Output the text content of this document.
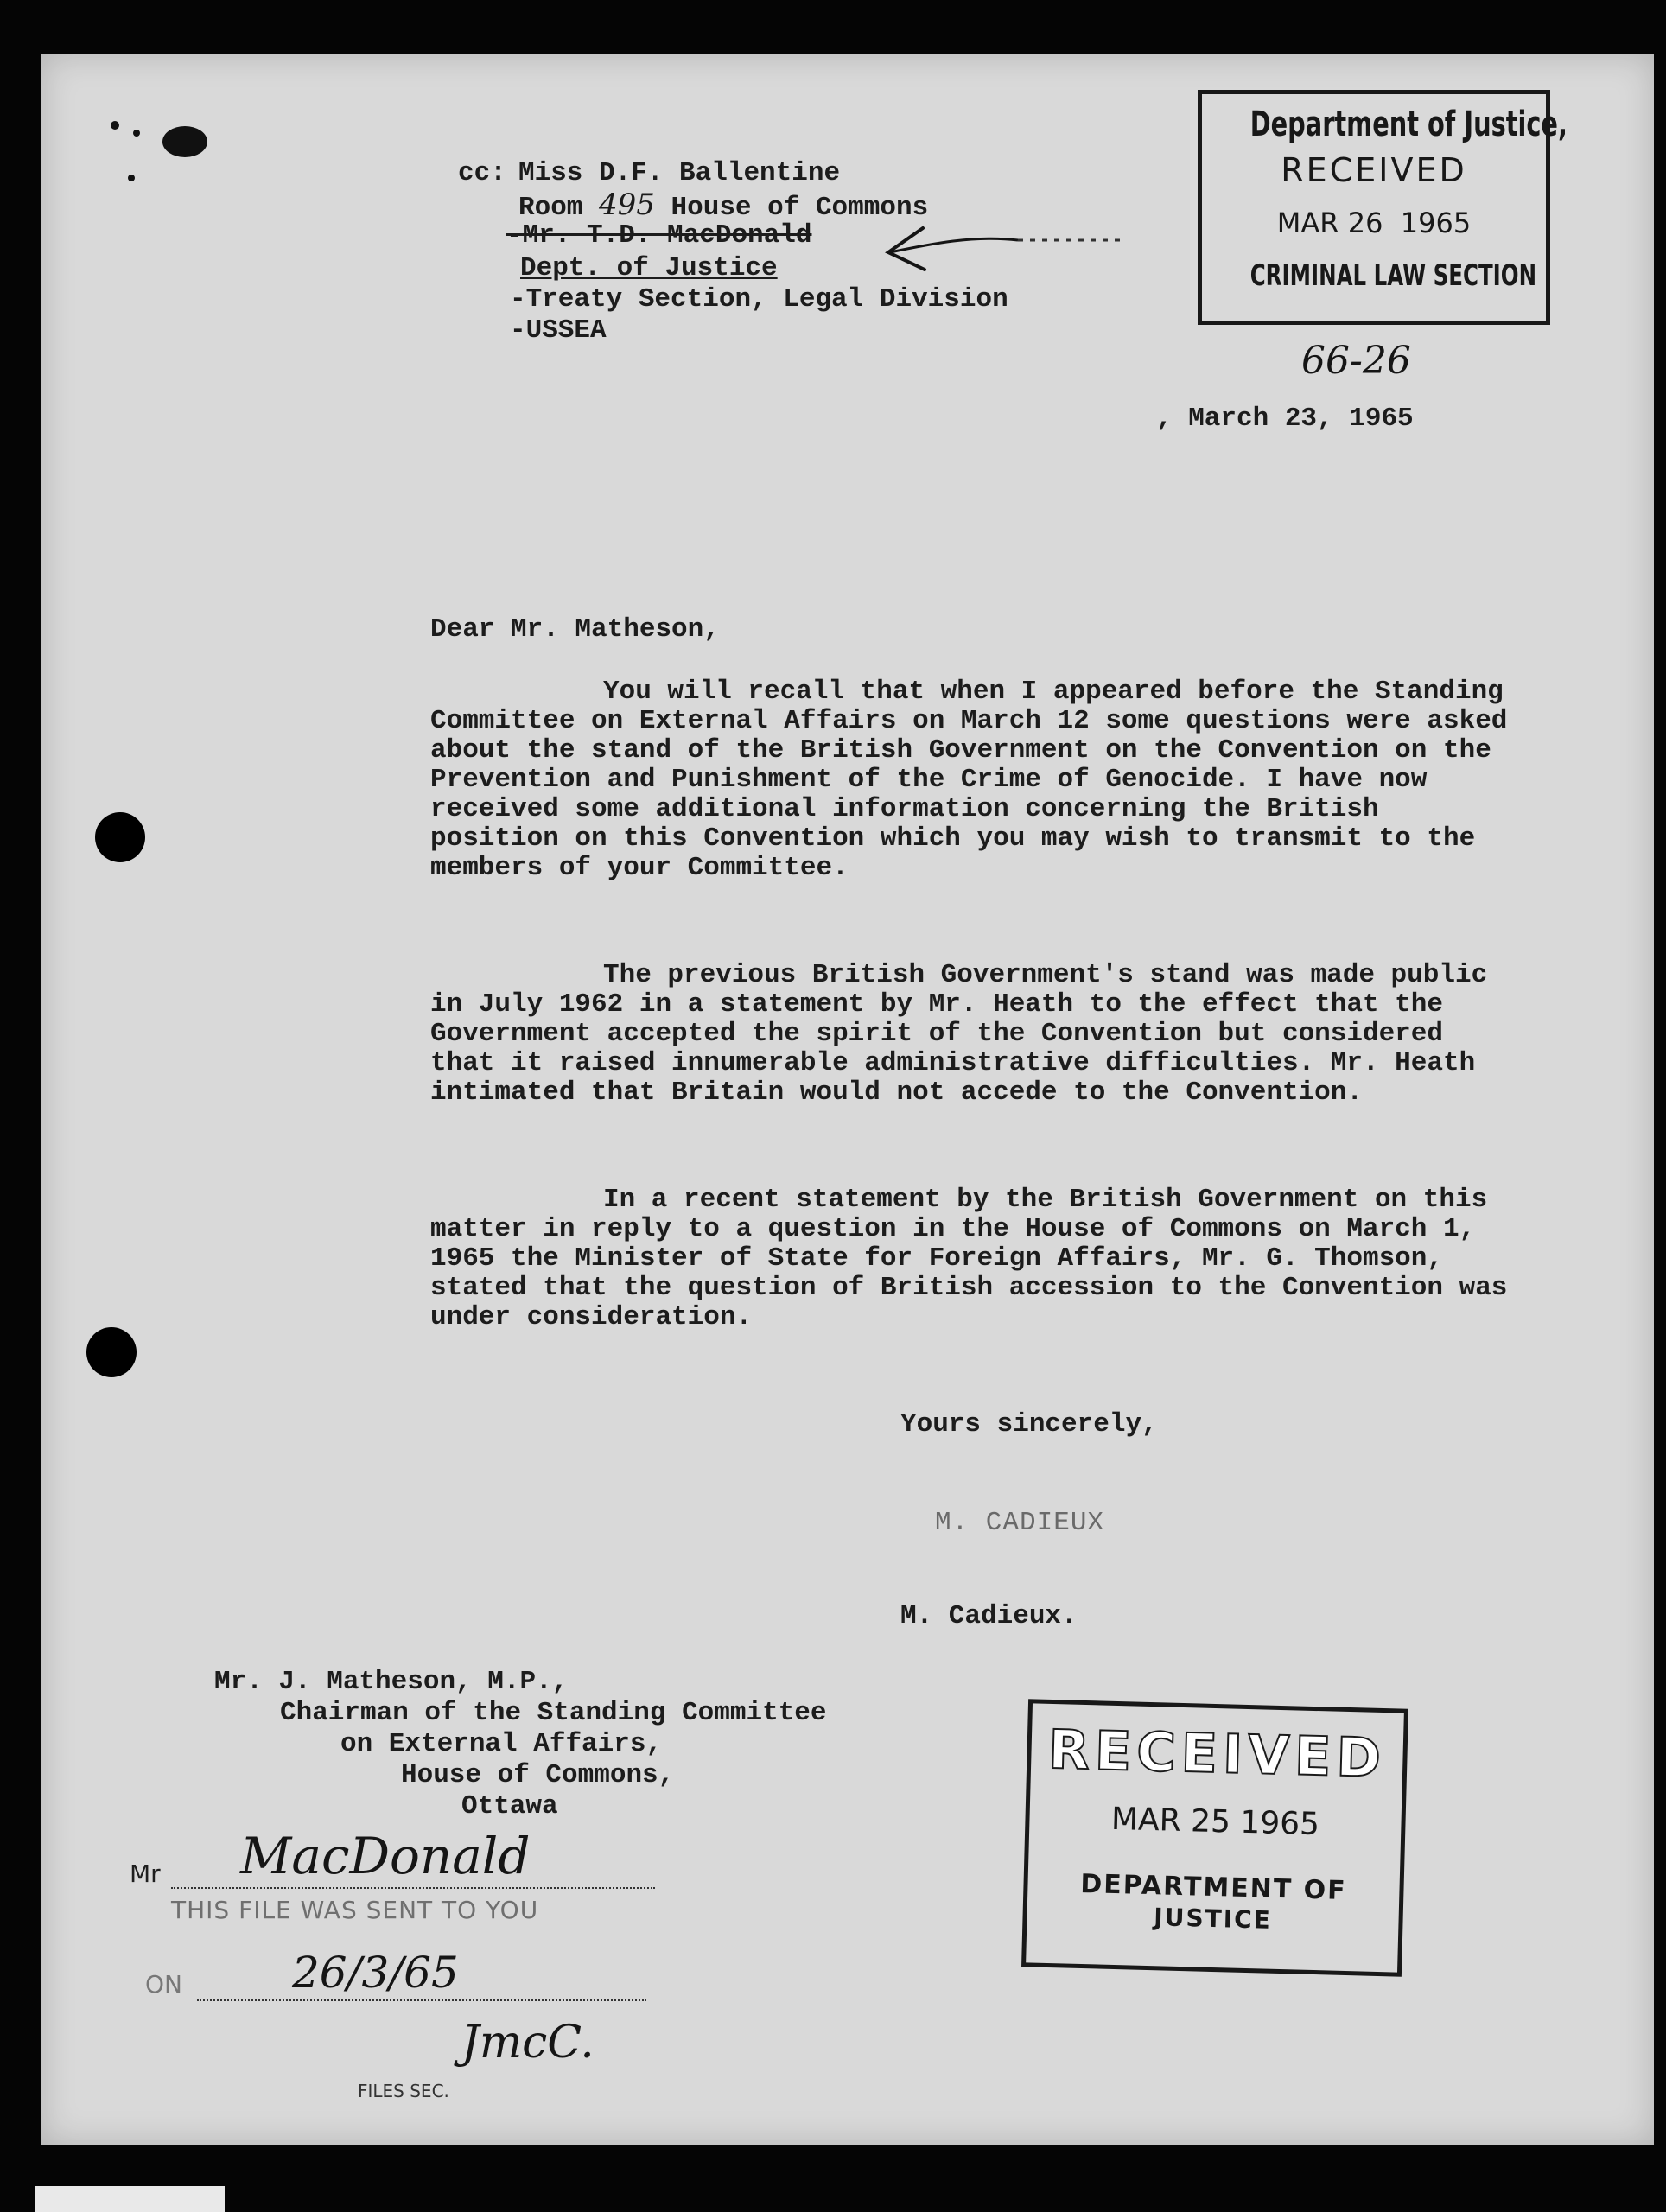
cc: Miss D.F. Ballentine
Room 495 House of Commons
-Mr. T.D. MacDonald
Dept. of Justice
-Treaty Section, Legal Division
-USSEA
Department of Justice,
RECEIVED
MAR 26  1965
CRIMINAL LAW SECTION
66-26
, March 23, 1965
Dear Mr. Matheson,
You will recall that when I appeared before the Standing Committee on External Affairs on March 12 some questions were asked about the stand of the British Government on the Convention on the Prevention and Punishment of the Crime of Genocide. I have now received some additional information concerning the British position on this Convention which you may wish to transmit to the members of your Committee.
The previous British Government's stand was made public in July 1962 in a statement by Mr. Heath to the effect that the Government accepted the spirit of the Convention but considered that it raised innumerable administrative difficulties. Mr. Heath intimated that Britain would not accede to the Convention.
In a recent statement by the British Government on this matter in reply to a question in the House of Commons on March 1, 1965 the Minister of State for Foreign Affairs, Mr. G. Thomson, stated that the question of British accession to the Convention was under consideration.
Yours sincerely,
M. CADIEUX
M. Cadieux.
Mr. J. Matheson, M.P.,
Chairman of the Standing Committee
on External Affairs,
House of Commons,
Ottawa
Mr MacDonald
THIS FILE WAS SENT TO YOU
ON	26/3/65
JmcC.
FILES SEC.
RECEIVED
MAR 25 1965
DEPARTMENT OF
JUSTICE
